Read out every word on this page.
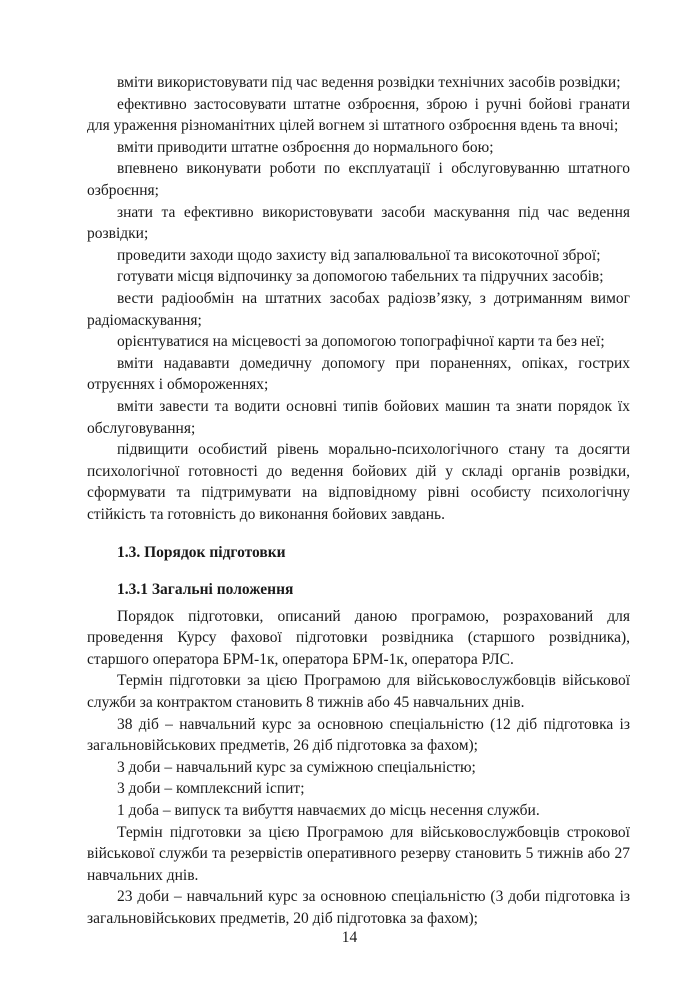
вміти використовувати під час ведення розвідки технічних засобів розвідки;

ефективно застосовувати штатне озброєння, зброю і ручні бойові гранати для ураження різноманітних цілей вогнем зі штатного озброєння вдень та вночі;

вміти приводити штатне озброєння до нормального бою;

впевнено виконувати роботи по експлуатації і обслуговуванню штатного озброєння;

знати та ефективно використовувати засоби маскування під час ведення розвідки;

проведити заходи щодо захисту від запалювальної та високоточної зброї;

готувати місця відпочинку за допомогою табельних та підручних засобів;

вести радіообмін на штатних засобах радіозв’язку, з дотриманням вимог радіомаскування;

орієнтуватися на місцевості за допомогою топографічної карти та без неї;

вміти надававти домедичну допомогу при пораненнях, опіках, гострих отруєннях і обмороженнях;

вміти завести та водити основні типів бойових машин та знати порядок їх обслуговування;

підвищити особистий рівень морально-психологічного стану та досягти психологічної готовності до ведення бойових дій у складі органів розвідки, сформувати та підтримувати на відповідному рівні особисту психологічну стійкість та готовність до виконання бойових завдань.

1.3. Порядок підготовки
1.3.1 Загальні положення

Порядок підготовки, описаний даною програмою, розрахований для проведення Курсу фахової підготовки розвідника (старшого розвідника), старшого оператора БРМ-1к, оператора БРМ-1к, оператора РЛС.

Термін підготовки за цією Програмою для військовослужбовців військової служби за контрактом становить 8 тижнів або 45 навчальних днів.

38 діб – навчальний курс за основною спеціальністю (12 діб підготовка із загальновійськових предметів, 26 діб підготовка за фахом);

3 доби – навчальний курс за суміжною спеціальністю;

3 доби – комплексний іспит;

1 доба – випуск та вибуття навчаємих до місць несення служби.

Термін підготовки за цією Програмою для військовослужбовців строкової військової служби та резервістів оперативного резерву становить 5 тижнів або 27 навчальних днів.

23 доби – навчальний курс за основною спеціальністю (3 доби підготовка із загальновійськових предметів, 20 діб підготовка за фахом);

14
